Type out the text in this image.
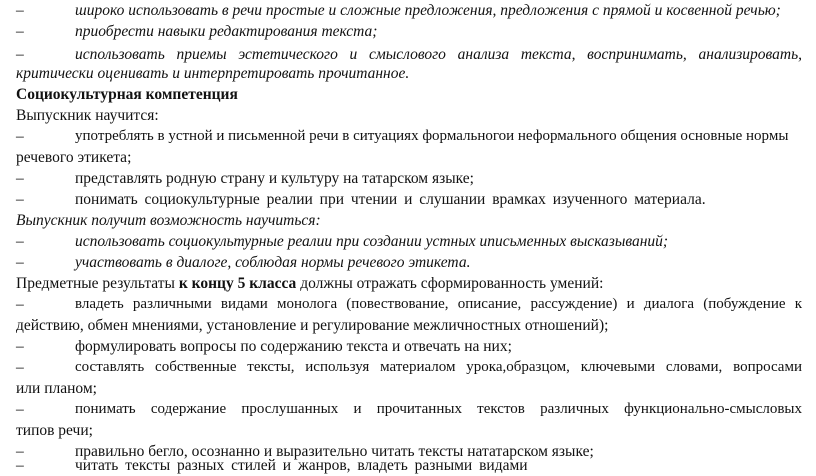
–	широко использовать в речи простые и сложные предложения, предложения с прямой и косвенной речью;
–	приобрести навыки редактирования текста;
–	использовать приемы эстетического и смыслового анализа текста, воспринимать, анализировать,
критически оценивать и интерпретировать прочитанное.
Социокультурная компетенция
Выпускник научится:
–	употреблять в устной и письменной речи в ситуациях формальногои неформального общения основные нормы
речевого этикета;
–	представлять родную страну и культуру на татарском языке;
–	понимать социокультурные реалии при чтении и слушании врамках изученного материала.
Выпускник получит возможность научиться:
–	использовать социокультурные реалии при создании устных иписьменных высказываний;
–	участвовать в диалоге, соблюдая нормы речевого этикета.
Предметные результаты к концу 5 класса должны отражать сформированность умений:
–	владеть различными видами монолога (повествование, описание, рассуждение) и диалога (побуждение к
действию, обмен мнениями, установление и регулирование межличностных отношений);
–	формулировать вопросы по содержанию текста и отвечать на них;
–	составлять собственные тексты, используя материалом урока,образцом, ключевыми словами, вопросами
или планом;
–	понимать содержание прослушанных и прочитанных текстов различных функционально-смысловых
типов речи;
–	правильно бегло, осознанно и выразительно читать тексты нататарском языке;
–	читать тексты разных стилей и жанров, владеть разными видами
